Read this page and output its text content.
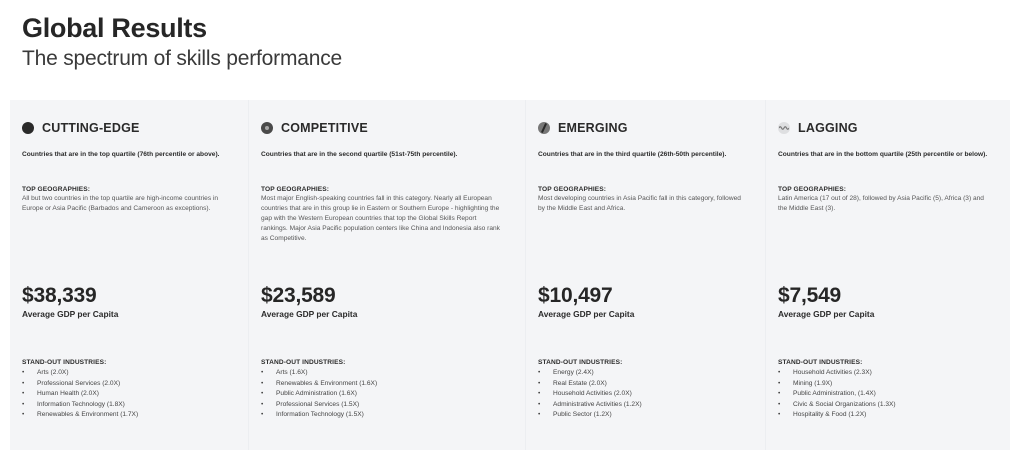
Global Results
The spectrum of skills performance
CUTTING-EDGE
Countries that are in the top quartile (76th percentile or above).
TOP GEOGRAPHIES:
All but two countries in the top quartile are high-income countries in Europe or Asia Pacific (Barbados and Cameroon as exceptions).
$38,339
Average GDP per Capita
STAND-OUT INDUSTRIES:
•	Arts (2.0X)
•	Professional Services (2.0X)
•	Human Health (2.0X)
•	Information Technology (1.8X)
•	Renewables & Environment (1.7X)
COMPETITIVE
Countries that are in the second quartile (51st-75th percentile).
TOP GEOGRAPHIES:
Most major English-speaking countries fall in this category. Nearly all European countries that are in this group lie in Eastern or Southern Europe - highlighting the gap with the Western European countries that top the Global Skills Report rankings. Major Asia Pacific population centers like China and Indonesia also rank as Competitive.
$23,589
Average GDP per Capita
STAND-OUT INDUSTRIES:
•	Arts (1.6X)
•	Renewables & Environment (1.6X)
•	Public Administration (1.6X)
•	Professional Services (1.5X)
•	Information Technology (1.5X)
EMERGING
Countries that are in the third quartile (26th-50th percentile).
TOP GEOGRAPHIES:
Most developing countries in Asia Pacific fall in this category, followed by the Middle East and Africa.
$10,497
Average GDP per Capita
STAND-OUT INDUSTRIES:
•	Energy (2.4X)
•	Real Estate (2.0X)
•	Household Activities (2.0X)
•	Administrative Activities (1.2X)
•	Public Sector (1.2X)
LAGGING
Countries that are in the bottom quartile (25th percentile or below).
TOP GEOGRAPHIES:
Latin America (17 out of 28), followed by Asia Pacific (5), Africa (3) and the Middle East (3).
$7,549
Average GDP per Capita
STAND-OUT INDUSTRIES:
•	Household Activities (2.3X)
•	Mining (1.9X)
•	Public Administration, (1.4X)
•	Civic & Social Organizations (1.3X)
•	Hospitality & Food (1.2X)
